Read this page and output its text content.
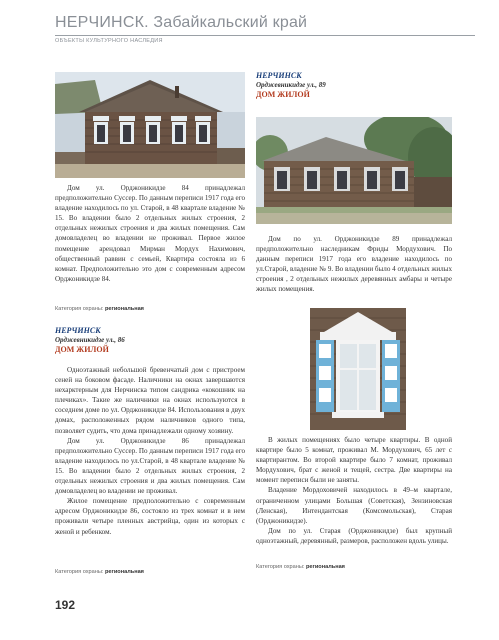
НЕРЧИНСК. Забайкальский край
ОБЪЕКТЫ КУЛЬТУРНОГО НАСЛЕДИЯ
НЕРЧИНСК
Орджевникидзе ул., 89
ДОМ ЖИЛОЙ

Дом ул. Орджоникидзе 84 принадлежал предположительно Суссер. По данным переписи 1917 года его владение находилось по ул. Старой, в 48 квартале владение № 15. Во владении было 2 отдельных жилых строения, 2 отдельных нежилых строения и два жилых помещения. Сам домовладелец во владении не проживал. Первое жилое помещение арендовал Мирман Мордух Нахимович, общественный раввин с семьей, Квартира состояла из 6 комнат. Предположительно это дом с современным адресом Орджоникидзе 84.

Категория охраны: региональная

Дом по ул. Орджоникидзе 89 принадлежал предположительно наследникам Фриды Мордухович. По данным переписи 1917 года его владение находилось по ул.Старой, владение № 9. Во владении было 4 отдельных жилых строения , 2 отдельных нежилых деревянных амбары и четыре жилых помещения.

НЕРЧИНСК
Орджевникидзе ул., 86
ДОМ ЖИЛОЙ

Одноэтажный небольшой бревенчатый дом с пристроем сеней на боковом фасаде. Наличники на окнах завершаются нехарктерным для Нерчинска типом сандрика «кокошник на плечиках». Такие же наличники на окнах используются в соседнем доме по ул. Орджоникидзе 84. Использования в двух домах, расположенных рядом наличников одного типа, позволяет судить, что дома принадлежали одному хозяину.

Дом ул. Орджоникидзе 86 принадлежал предположительно Суссер. По данным переписи 1917 года его владение находилось по ул.Старой, в 48 квартале владение № 15. Во владении было 2 отдельных жилых строения, 2 отдельных нежилых строения и два жилых помещения. Сам домовладелец во владении не проживал.

Жилое помещение предположительно с современным адресом Орджоникидзе 86, состояло из трех комнат и в нем проживали четыре пленных австрийца, один из которых с женой и ребенком.

Категория охраны: региональная

В жилых помещениях было четыре квартиры. В одной квартире было 5 комнат, проживал М. Мордухович, 65 лет с квартирантом. Во второй квартире было 7 комнат, проживал Мордухович, брат с женой и тещей, сестра. Две квартиры на момент переписи были не заняты.

Владение Мордоховичей находилось в 49–м квартале, ограниченном улицами Большая (Советская), Зензиновская (Ленская), Интендантская (Комсомольская), Старая (Орджоникидзе).

Дом по ул. Старая (Орджоникидзе) был крупный одноэтажный, деревянный, размеров, расположен вдоль улицы.

Категория охраны: региональная
192
